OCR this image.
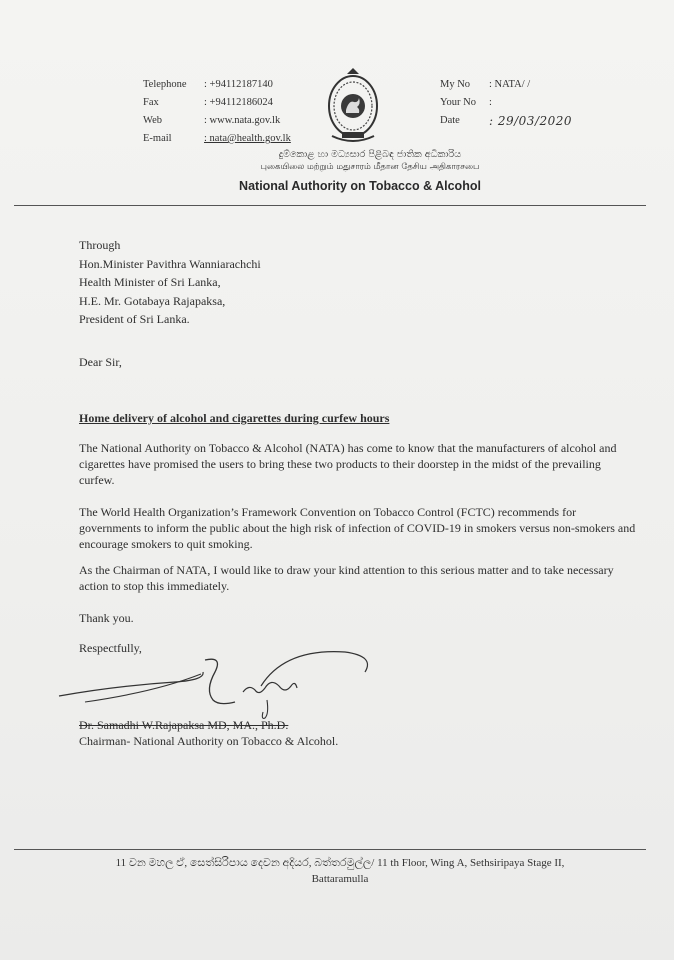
Telephone
Fax
Web
E-mail
: +94112187140
: +94112186024
: www.nata.gov.lk
: nata@health.gov.lk
My No
Your No
Date
: NATA/ /
:
: 29/03/2020
දුම්කොළ හා මධ්‍යසාර පිළිබඳ ජාතික අධිකාරිය
புகையிலை மற்றும் மதுசாரம் மீதான தேசிய அதிகாரசபை
National Authority on Tobacco & Alcohol
Through
Hon.Minister Pavithra Wanniarachchi
Health Minister of Sri Lanka,
H.E. Mr. Gotabaya Rajapaksa,
President of Sri Lanka.
Dear Sir,
Home delivery of alcohol and cigarettes during curfew hours
The National Authority on Tobacco & Alcohol (NATA) has come to know that the manufacturers of alcohol and cigarettes have promised the users to bring these two products to their doorstep in the midst of the prevailing curfew.
The World Health Organization’s Framework Convention on Tobacco Control (FCTC) recommends for governments to inform the public about the high risk of infection of COVID-19 in smokers versus non-smokers and encourage smokers to quit smoking.
As the Chairman of NATA, I would like to draw your kind attention to this serious matter and to take necessary action to stop this immediately.
Thank you.
Respectfully,
Dr. Samadhi W.Rajapaksa MD, MA., Ph.D.
Chairman- National Authority on Tobacco & Alcohol.
11 වන මහල ඒ, සෙත්සිරිපාය දෙවන අදියර, බත්තරමුල්ල/ 11 th Floor, Wing A, Sethsiripaya Stage II,
Battaramulla
